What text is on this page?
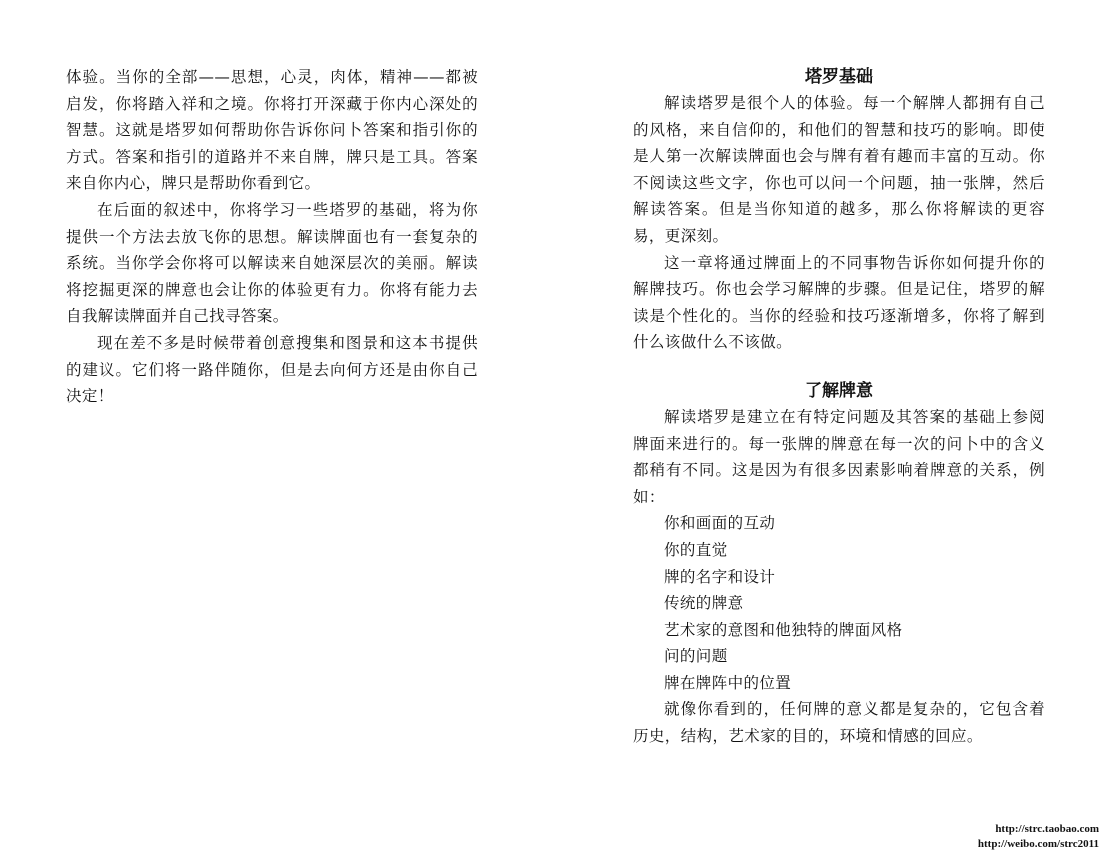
体验。当你的全部——思想，心灵，肉体，精神——都被启发，你将踏入祥和之境。你将打开深藏于你内心深处的智慧。这就是塔罗如何帮助你告诉你问卜答案和指引你的方式。答案和指引的道路并不来自牌，牌只是工具。答案来自你内心，牌只是帮助你看到它。

在后面的叙述中，你将学习一些塔罗的基础，将为你提供一个方法去放飞你的思想。解读牌面也有一套复杂的系统。当你学会你将可以解读来自她深层次的美丽。解读将挖掘更深的牌意也会让你的体验更有力。你将有能力去自我解读牌面并自己找寻答案。

现在差不多是时候带着创意搜集和图景和这本书提供的建议。它们将一路伴随你，但是去向何方还是由你自己决定！

塔罗基础

解读塔罗是很个人的体验。每一个解牌人都拥有自己的风格，来自信仰的，和他们的智慧和技巧的影响。即使是人第一次解读牌面也会与牌有着有趣而丰富的互动。你不阅读这些文字，你也可以问一个问题，抽一张牌，然后解读答案。但是当你知道的越多，那么你将解读的更容易，更深刻。

这一章将通过牌面上的不同事物告诉你如何提升你的解牌技巧。你也会学习解牌的步骤。但是记住，塔罗的解读是个性化的。当你的经验和技巧逐渐增多，你将了解到什么该做什么不该做。

了解牌意

解读塔罗是建立在有特定问题及其答案的基础上参阅牌面来进行的。每一张牌的牌意在每一次的问卜中的含义都稍有不同。这是因为有很多因素影响着牌意的关系，例如：

你和画面的互动

你的直觉

牌的名字和设计

传统的牌意

艺术家的意图和他独特的牌面风格

问的问题

牌在牌阵中的位置

就像你看到的，任何牌的意义都是复杂的，它包含着历史，结构，艺术家的目的，环境和情感的回应。

http://strc.taobao.com
http://weibo.com/strc2011
